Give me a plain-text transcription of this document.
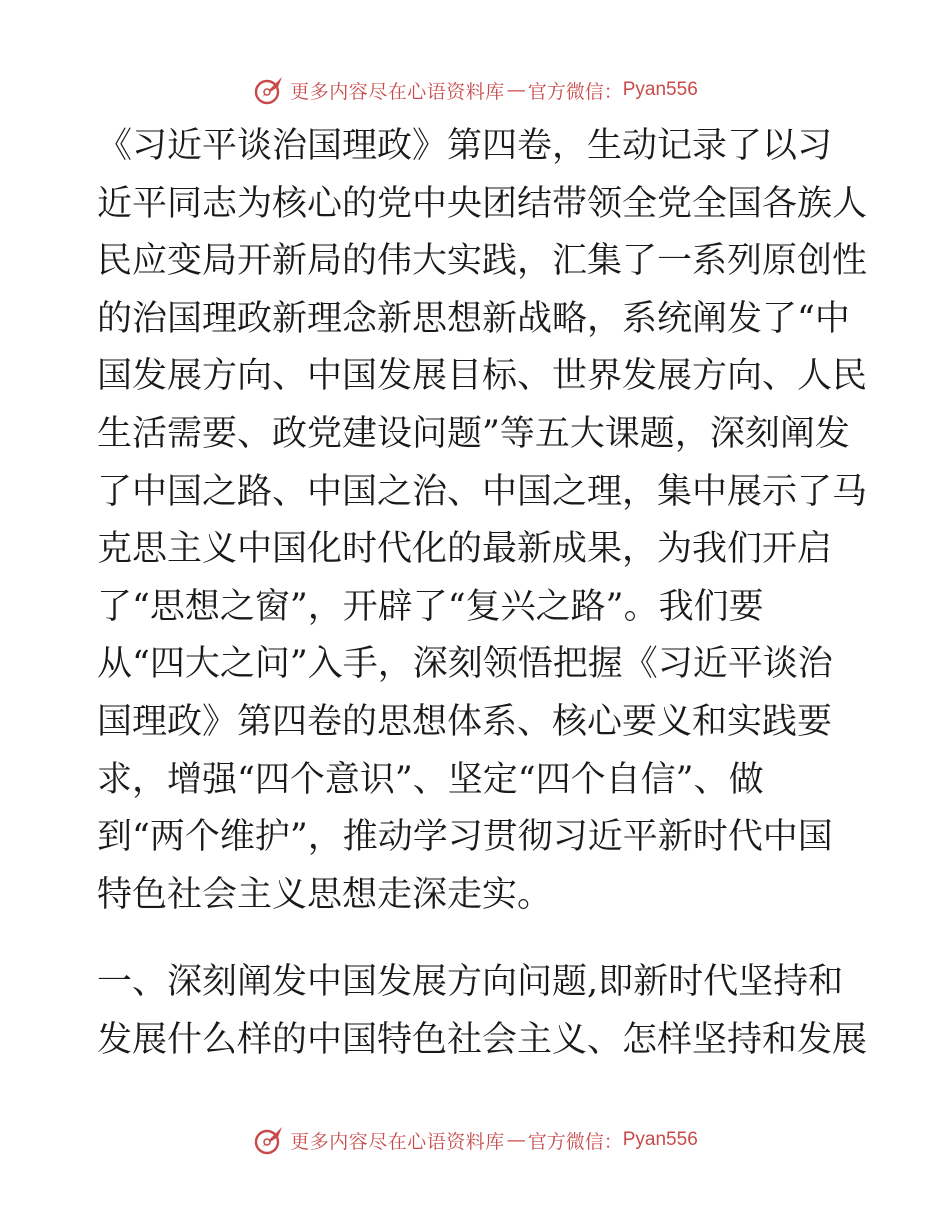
更多内容尽在心语资料库 — 官方微信： Pyan556
《习近平谈治国理政》第四卷，生动记录了以习
近平同志为核心的党中央团结带领全党全国各族人
民应变局开新局的伟大实践，汇集了一系列原创性
的治国理政新理念新思想新战略，系统阐发了“中
国发展方向、中国发展目标、世界发展方向、人民
生活需要、政党建设问题”等五大课题，深刻阐发
了中国之路、中国之治、中国之理，集中展示了马
克思主义中国化时代化的最新成果，为我们开启
了“思想之窗”，开辟了“复兴之路”。我们要
从“四大之问”入手，深刻领悟把握《习近平谈治
国理政》第四卷的思想体系、核心要义和实践要
求，增强“四个意识”、坚定“四个自信”、做
到“两个维护”，推动学习贯彻习近平新时代中国
特色社会主义思想走深走实。
一、深刻阐发中国发展方向问题,即新时代坚持和
发展什么样的中国特色社会主义、怎样坚持和发展
更多内容尽在心语资料库 — 官方微信： Pyan556
